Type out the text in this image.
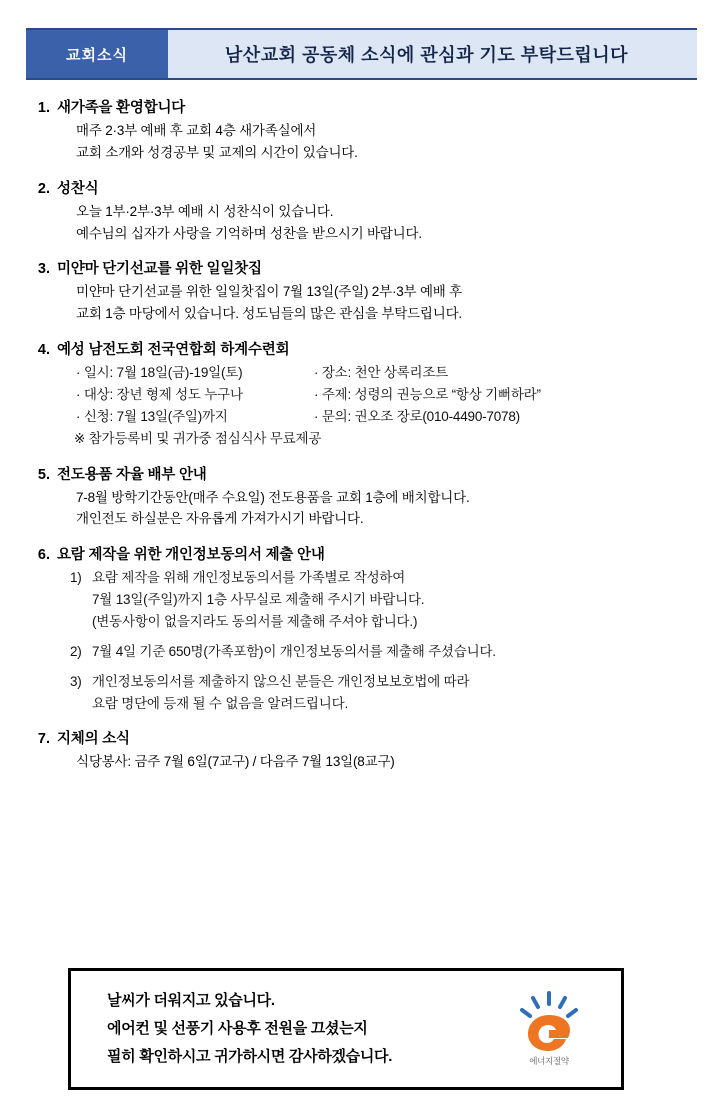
교회소식	남산교회 공동체 소식에 관심과 기도 부탁드립니다
1. 새가족을 환영합니다
매주 2·3부 예배 후 교회 4층 새가족실에서
교회 소개와 성경공부 및 교제의 시간이 있습니다.
2. 성찬식
오늘 1부·2부·3부 예배 시 성찬식이 있습니다.
예수님의 십자가 사랑을 기억하며 성찬을 받으시기 바랍니다.
3. 미얀마 단기선교를 위한 일일찻집
미얀마 단기선교를 위한 일일찻집이 7월 13일(주일) 2부·3부 예배 후
교회 1층 마당에서 있습니다. 성도님들의 많은 관심을 부탁드립니다.
4. 예성 남전도회 전국연합회 하계수련회
· 일시: 7월 18일(금)-19일(토)	· 장소: 천안 상록리조트
· 대상: 장년 형제 성도 누구나	· 주제: 성령의 권능으로 “항상 기뻐하라”
· 신청: 7월 13일(주일)까지	· 문의: 권오조 장로(010-4490-7078)
※ 참가등록비 및 귀가중 점심식사 무료제공
5. 전도용품 자율 배부 안내
7-8월 방학기간동안(매주 수요일) 전도용품을 교회 1층에 배치합니다.
개인전도 하실분은 자유롭게 가져가시기 바랍니다.
6. 요람 제작을 위한 개인정보동의서 제출 안내
1) 요람 제작을 위해 개인정보동의서를 가족별로 작성하여
7월 13일(주일)까지 1층 사무실로 제출해 주시기 바랍니다.
(변동사항이 없을지라도 동의서를 제출해 주셔야 합니다.)
2) 7월 4일 기준 650명(가족포함)이 개인정보동의서를 제출해 주셨습니다.
3) 개인정보동의서를 제출하지 않으신 분들은 개인정보보호법에 따라
요람 명단에 등재 될 수 없음을 알려드립니다.
7. 지체의 소식
식당봉사: 금주 7월 6일(7교구) / 다음주 7월 13일(8교구)
날씨가 더워지고 있습니다.
에어컨 및 선풍기 사용후 전원을 끄셨는지
필히 확인하시고 귀가하시면 감사하겠습니다.	에너지절약
